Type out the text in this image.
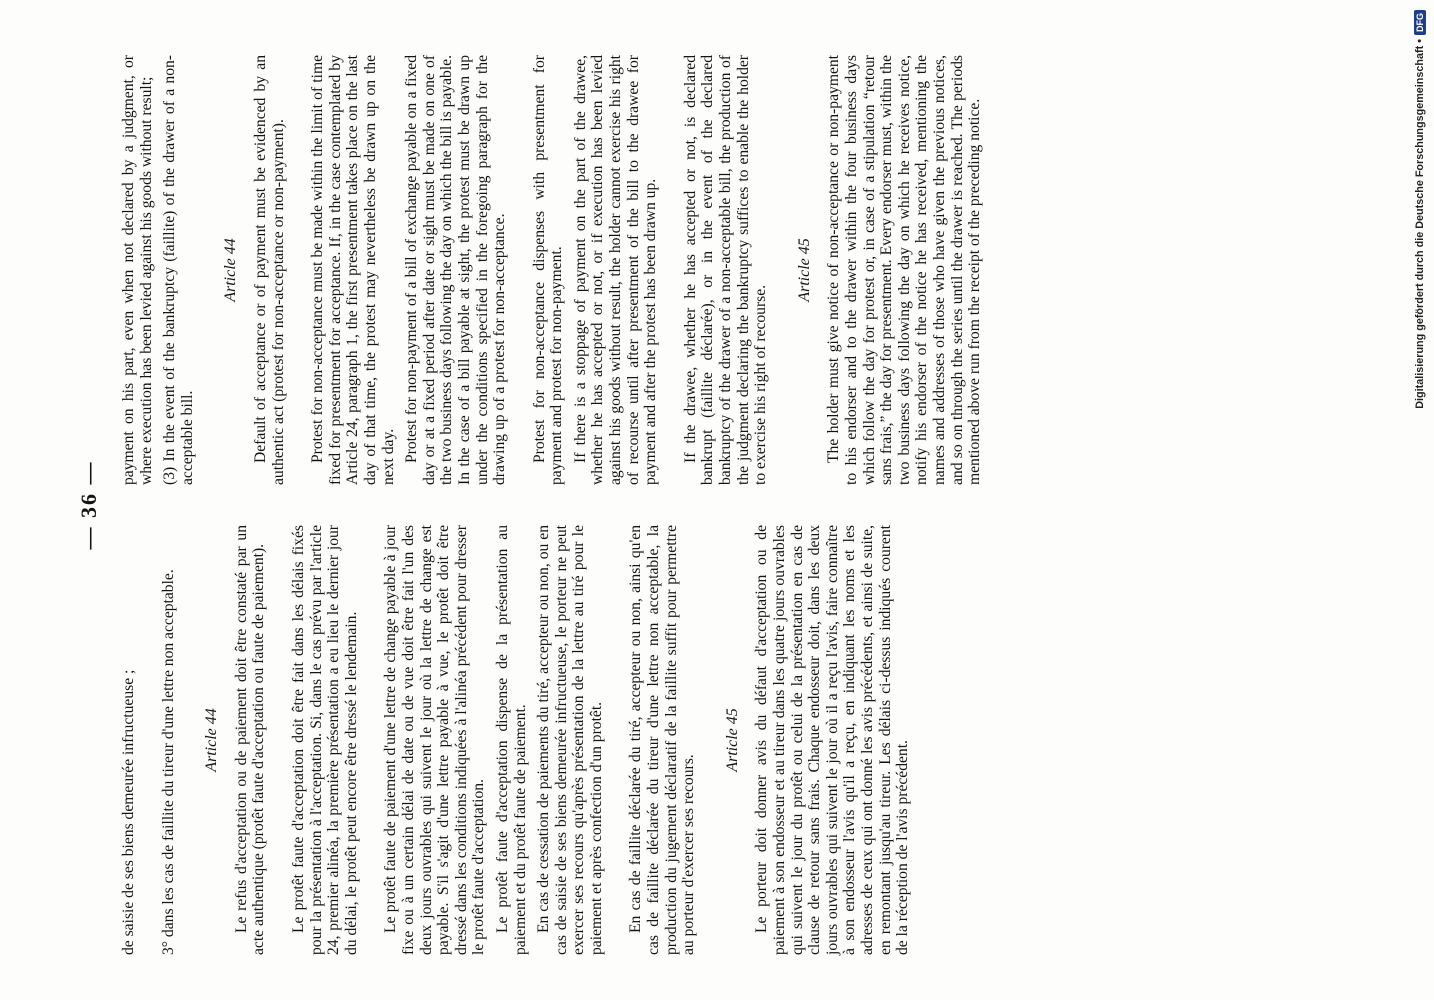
— 36 —

de saisie de ses biens demeurée infructueuse ; 3° dans les cas de faillite du tireur d'une lettre non acceptable. Article 44 Le refus d'acceptation ou de paiement doit être constaté par un acte authentique (protêt faute d'acceptation ou faute de paiement). Le protêt faute d'acceptation doit être fait dans les délais fixés pour la présentation à l'acceptation. Si, dans le cas prévu par l'article 24, premier alinéa, la première présentation a eu lieu le dernier jour du délai, le protêt peut encore être dressé le lendemain. Le protêt faute de paiement d'une lettre de change payable à jour fixe ou à un certain délai de date ou de vue doit être fait l'un des deux jours ouvrables qui suivent le jour où la lettre de change est payable. S'il s'agit d'une lettre payable à vue, le protêt doit être dressé dans les conditions indiquées à l'alinéa précédent pour dresser le protêt faute d'acceptation. Le protêt faute d'acceptation dispense de la présentation au paiement et du protêt faute de paiement. En cas de cessation de paiements du tiré, accepteur ou non, ou en cas de saisie de ses biens demeurée infructueuse, le porteur ne peut exercer ses recours qu'après présentation de la lettre au tiré pour le paiement et après confection d'un protêt. En cas de faillite déclarée du tiré, accepteur ou non, ainsi qu'en cas de faillite déclarée du tireur d'une lettre non acceptable, la production du jugement déclaratif de la faillite suffit pour permettre au porteur d'exercer ses recours.

Article 45 Le porteur doit donner avis du défaut d'acceptation ou de paiement à son endosseur et au tireur dans les quatre jours ouvrables qui suivent le jour du protêt ou celui de la présentation en cas de clause de retour sans frais. Chaque endosseur doit, dans les deux jours ouvrables qui suivent le jour où il a reçu l'avis, faire connaître à son endosseur l'avis qu'il a reçu, en indiquant les noms et les adresses de ceux qui ont donné les avis précédents, et ainsi de suite, en remontant jusqu'au tireur. Les délais ci-dessus indiqués courent de la réception de l'avis précédent.

payment on his part, even when not declared by a judgment, or where execution has been levied against his goods without result; (3) In the event of the bankruptcy (faillite) of the drawer of a non-acceptable bill.

Article 44 Default of acceptance or of payment must be evidenced by an authentic act (protest for non-acceptance or non-payment). Protest for non-acceptance must be made within the limit of time fixed for presentment for acceptance. If, in the case contemplated by Article 24, paragraph 1, the first presentment takes place on the last day of that time, the protest may nevertheless be drawn up on the next day. Protest for non-payment of a bill of exchange payable on a fixed day or at a fixed period after date or sight must be made on one of the two business days following the day on which the bill is payable. In the case of a bill payable at sight, the protest must be drawn up under the conditions specified in the foregoing paragraph for the drawing up of a protest for non-acceptance. Protest for non-acceptance dispenses with presentment for payment and protest for non-payment. If there is a stoppage of payment on the part of the drawee, whether he has accepted or not, or if execution has been levied against his goods without result, the holder cannot exercise his right of recourse until after presentment of the bill to the drawee for payment and after the protest has been drawn up. If the drawee, whether he has accepted or not, is declared bankrupt (faillite déclarée), or in the event of the declared bankruptcy of the drawer of a non-acceptable bill, the production of the judgment declaring the bankruptcy suffices to enable the holder to exercise his right of recourse.

Article 45 The holder must give notice of non-acceptance or non-payment to his endorser and to the drawer within the four business days which follow the day for protest or, in case of a stipulation “retour sans frais,” the day for presentment. Every endorser must, within the two business days following the day on which he receives notice, notify his endorser of the notice he has received, mentioning the names and addresses of those who have given the previous notices, and so on through the series until the drawer is reached. The periods mentioned above run from the receipt of the preceding notice.	Digitalisierung gefördert durch die Deutsche Forschungsgemeinschaft •
DFG
